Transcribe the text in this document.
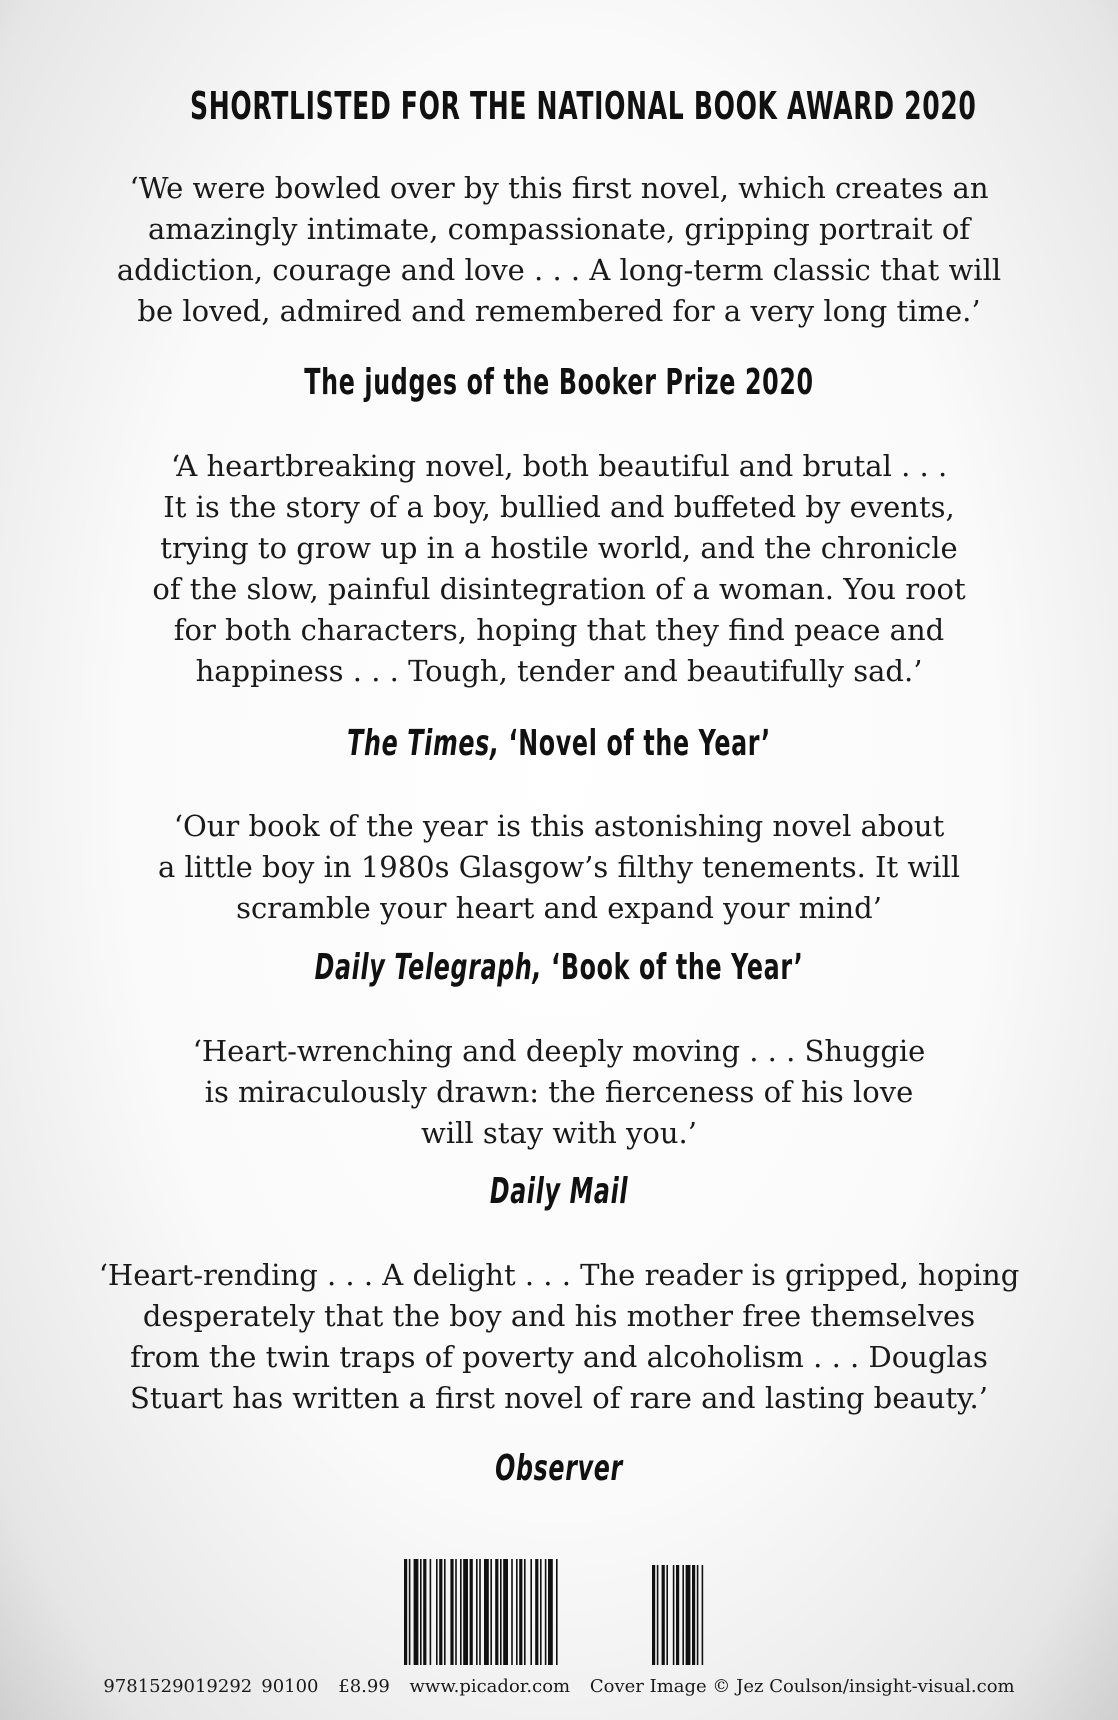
SHORTLISTED FOR THE NATIONAL BOOK AWARD 2020
‘We were bowled over by this first novel, which creates an
amazingly intimate, compassionate, gripping portrait of
addiction, courage and love . . . A long-term classic that will
be loved, admired and remembered for a very long time.’
The judges of the Booker Prize 2020
‘A heartbreaking novel, both beautiful and brutal . . .
It is the story of a boy, bullied and buffeted by events,
trying to grow up in a hostile world, and the chronicle
of the slow, painful disintegration of a woman. You root
for both characters, hoping that they find peace and
happiness . . . Tough, tender and beautifully sad.’
The Times, ‘Novel of the Year’
‘Our book of the year is this astonishing novel about
a little boy in 1980s Glasgow’s filthy tenements. It will
scramble your heart and expand your mind’
Daily Telegraph, ‘Book of the Year’
‘Heart-wrenching and deeply moving . . . Shuggie
is miraculously drawn: the fierceness of his love
will stay with you.’
Daily Mail
‘Heart-rending . . . A delight . . . The reader is gripped, hoping
desperately that the boy and his mother free themselves
from the twin traps of poverty and alcoholism . . . Douglas
Stuart has written a first novel of rare and lasting beauty.’
Observer
9781529019292 90100 £8.99 www.picador.com Cover Image © Jez Coulson/insight-visual.com
